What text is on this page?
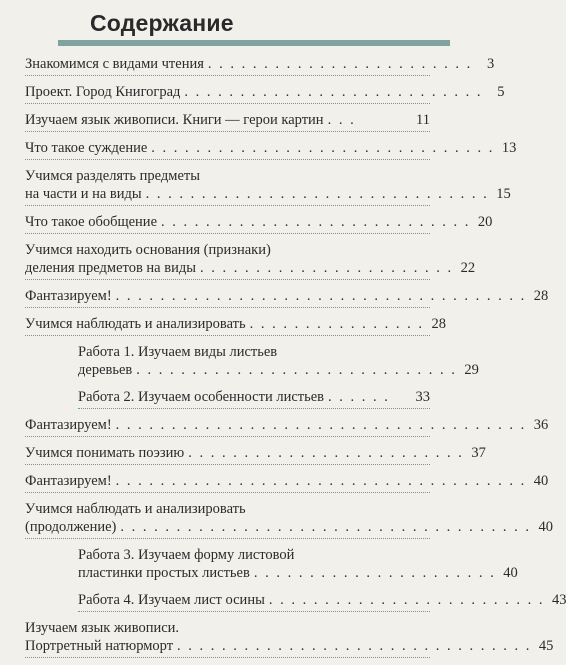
Содержание
Знакомимся с видами чтения . . . . . . . . . . . . . . . . . . . . . . . .	3
Проект. Город Книгоград . . . . . . . . . . . . . . . . . . . . . . . . . . .	5
Изучаем язык живописи. Книги — герои картин . . .	11
Что такое суждение . . . . . . . . . . . . . . . . . . . . . . . . . . . . . . . 13
Учимся разделять предметы
на части и на виды . . . . . . . . . . . . . . . . . . . . . . . . . . . . . . . 15
Что такое обобщение . . . . . . . . . . . . . . . . . . . . . . . . . . . . 20
Учимся находить основания (признаки)
деления предметов на виды . . . . . . . . . . . . . . . . . . . . . . . 22
Фантазируем! . . . . . . . . . . . . . . . . . . . . . . . . . . . . . . . . . . . . . 28
Учимся наблюдать и анализировать . . . . . . . . . . . . . . . . 28
Работа 1. Изучаем виды листьев
деревьев . . . . . . . . . . . . . . . . . . . . . . . . . . . . . 29
Работа 2. Изучаем особенности листьев . . . . . .	33
Фантазируем! . . . . . . . . . . . . . . . . . . . . . . . . . . . . . . . . . . . . . 36
Учимся понимать поэзию . . . . . . . . . . . . . . . . . . . . . . . . . 37
Фантазируем! . . . . . . . . . . . . . . . . . . . . . . . . . . . . . . . . . . . . . 40
Учимся наблюдать и анализировать
(продолжение) . . . . . . . . . . . . . . . . . . . . . . . . . . . . . . . . . . . . . 40
Работа 3. Изучаем форму листовой
пластинки простых листьев . . . . . . . . . . . . . . . . . . . . . . 40
Работа 4. Изучаем лист осины . . . . . . . . . . . . . . . . . . . . . . . . . 43
Изучаем язык живописи.
Портретный натюрморт . . . . . . . . . . . . . . . . . . . . . . . . . . . . . . . . 45
